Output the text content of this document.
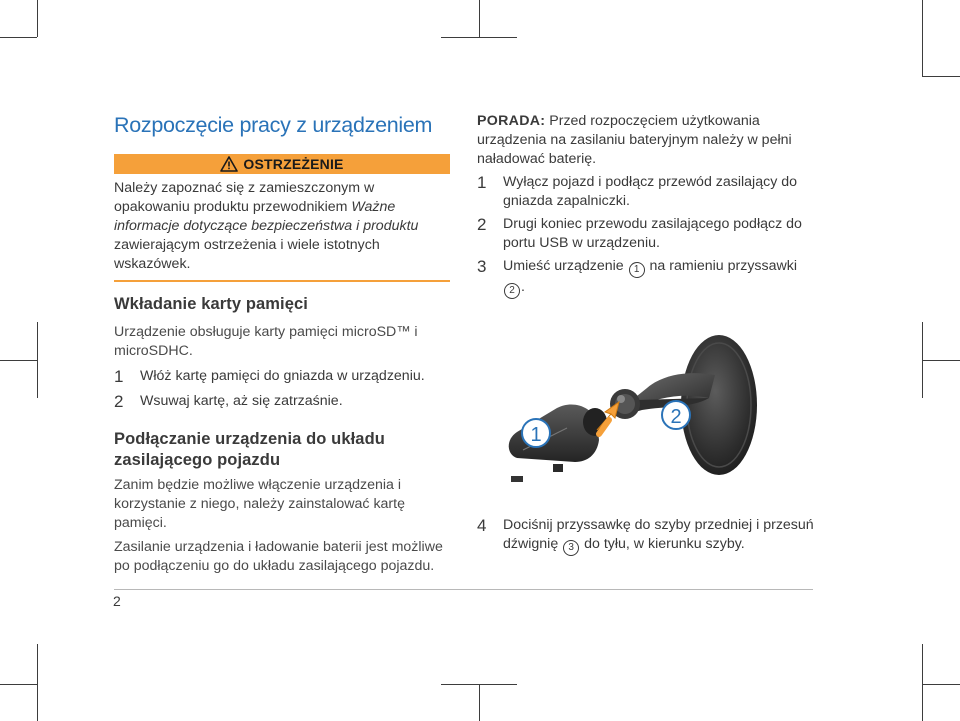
Rozpoczęcie pracy z urządzeniem
OSTRZEŻENIE
Należy zapoznać się z zamieszczonym w opakowaniu produktu przewodnikiem Ważne informacje dotyczące bezpieczeństwa i produktu zawierającym ostrzeżenia i wiele istotnych wskazówek.
Wkładanie karty pamięci

Urządzenie obsługuje karty pamięci microSD™ i microSDHC.

1	Włóż kartę pamięci do gniazda w urządzeniu.
2	Wsuwaj kartę, aż się zatrzaśnie.
Podłączanie urządzenia do układu zasilającego pojazdu

Zanim będzie możliwe włączenie urządzenia i korzystanie z niego, należy zainstalować kartę pamięci.

Zasilanie urządzenia i ładowanie baterii jest możliwe po podłączeniu go do układu zasilającego pojazdu.

PORADA: Przed rozpoczęciem użytkowania urządzenia na zasilaniu bateryjnym należy w pełni naładować baterię.

1	Wyłącz pojazd i podłącz przewód zasilający do gniazda zapalniczki.
2	Drugi koniec przewodu zasilającego podłącz do portu USB w urządzeniu.
3	Umieść urządzenie 1 na ramieniu przyssawki 2 .
1
2
4	Dociśnij przyssawkę do szyby przedniej i przesuń dźwignię 3 do tyłu, w kierunku szyby.
2
